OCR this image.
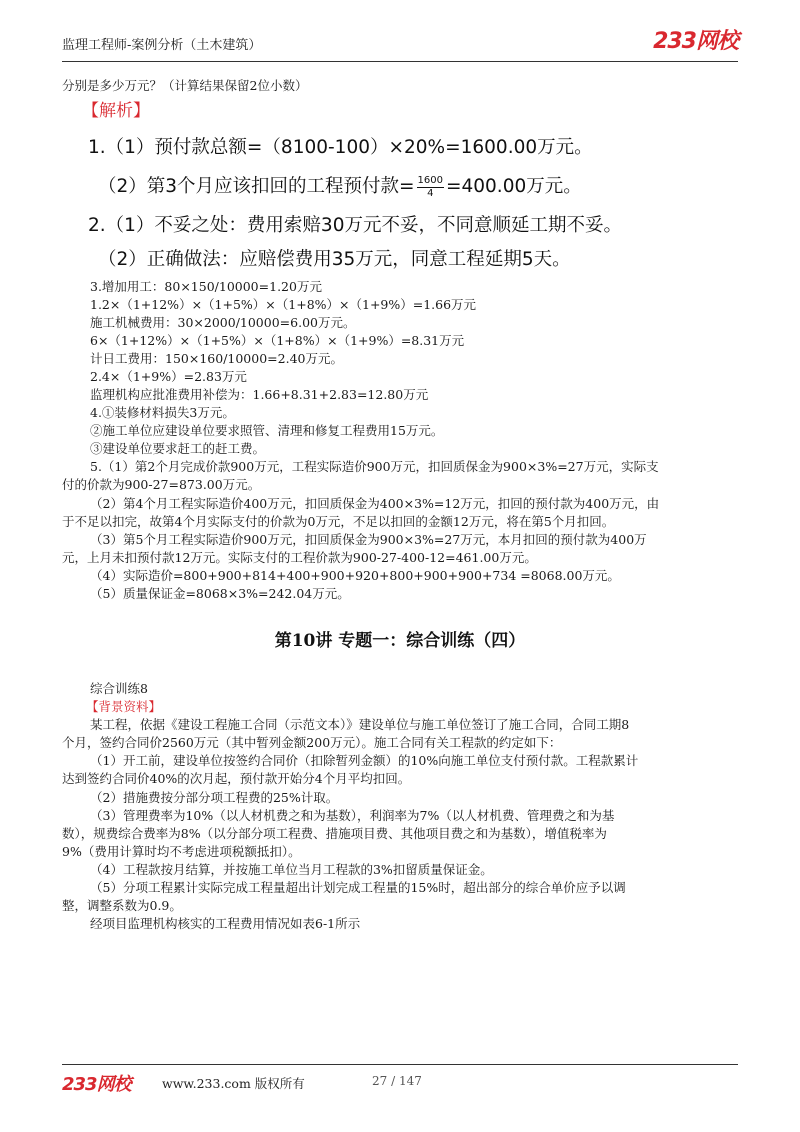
监理工程师-案例分析（土木建筑）	233网校
分别是多少万元？（计算结果保留2位小数）
【解析】
1.（1）预付款总额=（8100-100）×20%=1600.00万元。
（2）第3个月应该扣回的工程预付款= $\frac{1600}{4} =400.00$万元。
2.（1）不妥之处：费用索赔30万元不妥，不同意顺延工期不妥。
（2）正确做法：应赔偿费用35万元，同意工程延期5天。
3.增加用工：80×150/10000=1.20万元
1.2×（1+12%）×（1+5%）×（1+8%）×（1+9%）=1.66万元
施工机械费用：30×2000/10000=6.00万元。
6×（1+12%）×（1+5%）×（1+8%）×（1+9%）=8.31万元
计日工费用：150×160/10000=2.40万元。
2.4×（1+9%）=2.83万元
监理机构应批准费用补偿为：1.66+8.31+2.83=12.80万元
4.①装修材料损失3万元。
②施工单位应建设单位要求照管、清理和修复工程费用15万元。
③建设单位要求赶工的赶工费。
5.（1）第2个月完成价款900万元，工程实际造价900万元，扣回质保金为900×3%=27万元，实际支
付的价款为900-27=873.00万元。
（2）第4个月工程实际造价400万元，扣回质保金为400×3%=12万元，扣回的预付款为400万元，由
于不足以扣完，故第4个月实际支付的价款为0万元，不足以扣回的金额12万元，将在第5个月扣回。
（3）第5个月工程实际造价900万元，扣回质保金为900×3%=27万元，本月扣回的预付款为400万
元，上月未扣预付款12万元。实际支付的工程价款为900-27-400-12=461.00万元。
（4）实际造价=800+900+814+400+900+920+800+900+900+734 =8068.00万元。
（5）质量保证金=8068×3%=242.04万元。
第10讲 专题一：综合训练（四）
综合训练8
【背景资料】
某工程，依据《建设工程施工合同（示范文本）》建设单位与施工单位签订了施工合同，合同工期8
个月，签约合同价2560万元（其中暂列金额200万元）。施工合同有关工程款的约定如下：
（1）开工前，建设单位按签约合同价（扣除暂列金额）的10%向施工单位支付预付款。工程款累计
达到签约合同价40%的次月起，预付款开始分4个月平均扣回。
（2）措施费按分部分项工程费的25%计取。
（3）管理费率为10%（以人材机费之和为基数），利润率为7%（以人材机费、管理费之和为基
数），规费综合费率为8%（以分部分项工程费、措施项目费、其他项目费之和为基数），增值税率为
9%（费用计算时均不考虑进项税额抵扣）。
（4）工程款按月结算，并按施工单位当月工程款的3%扣留质量保证金。
（5）分项工程累计实际完成工程量超出计划完成工程量的15%时，超出部分的综合单价应予以调
整，调整系数为0.9。
经项目监理机构核实的工程费用情况如表6-1所示
233网校	www.233.com 版权所有	27 / 147
